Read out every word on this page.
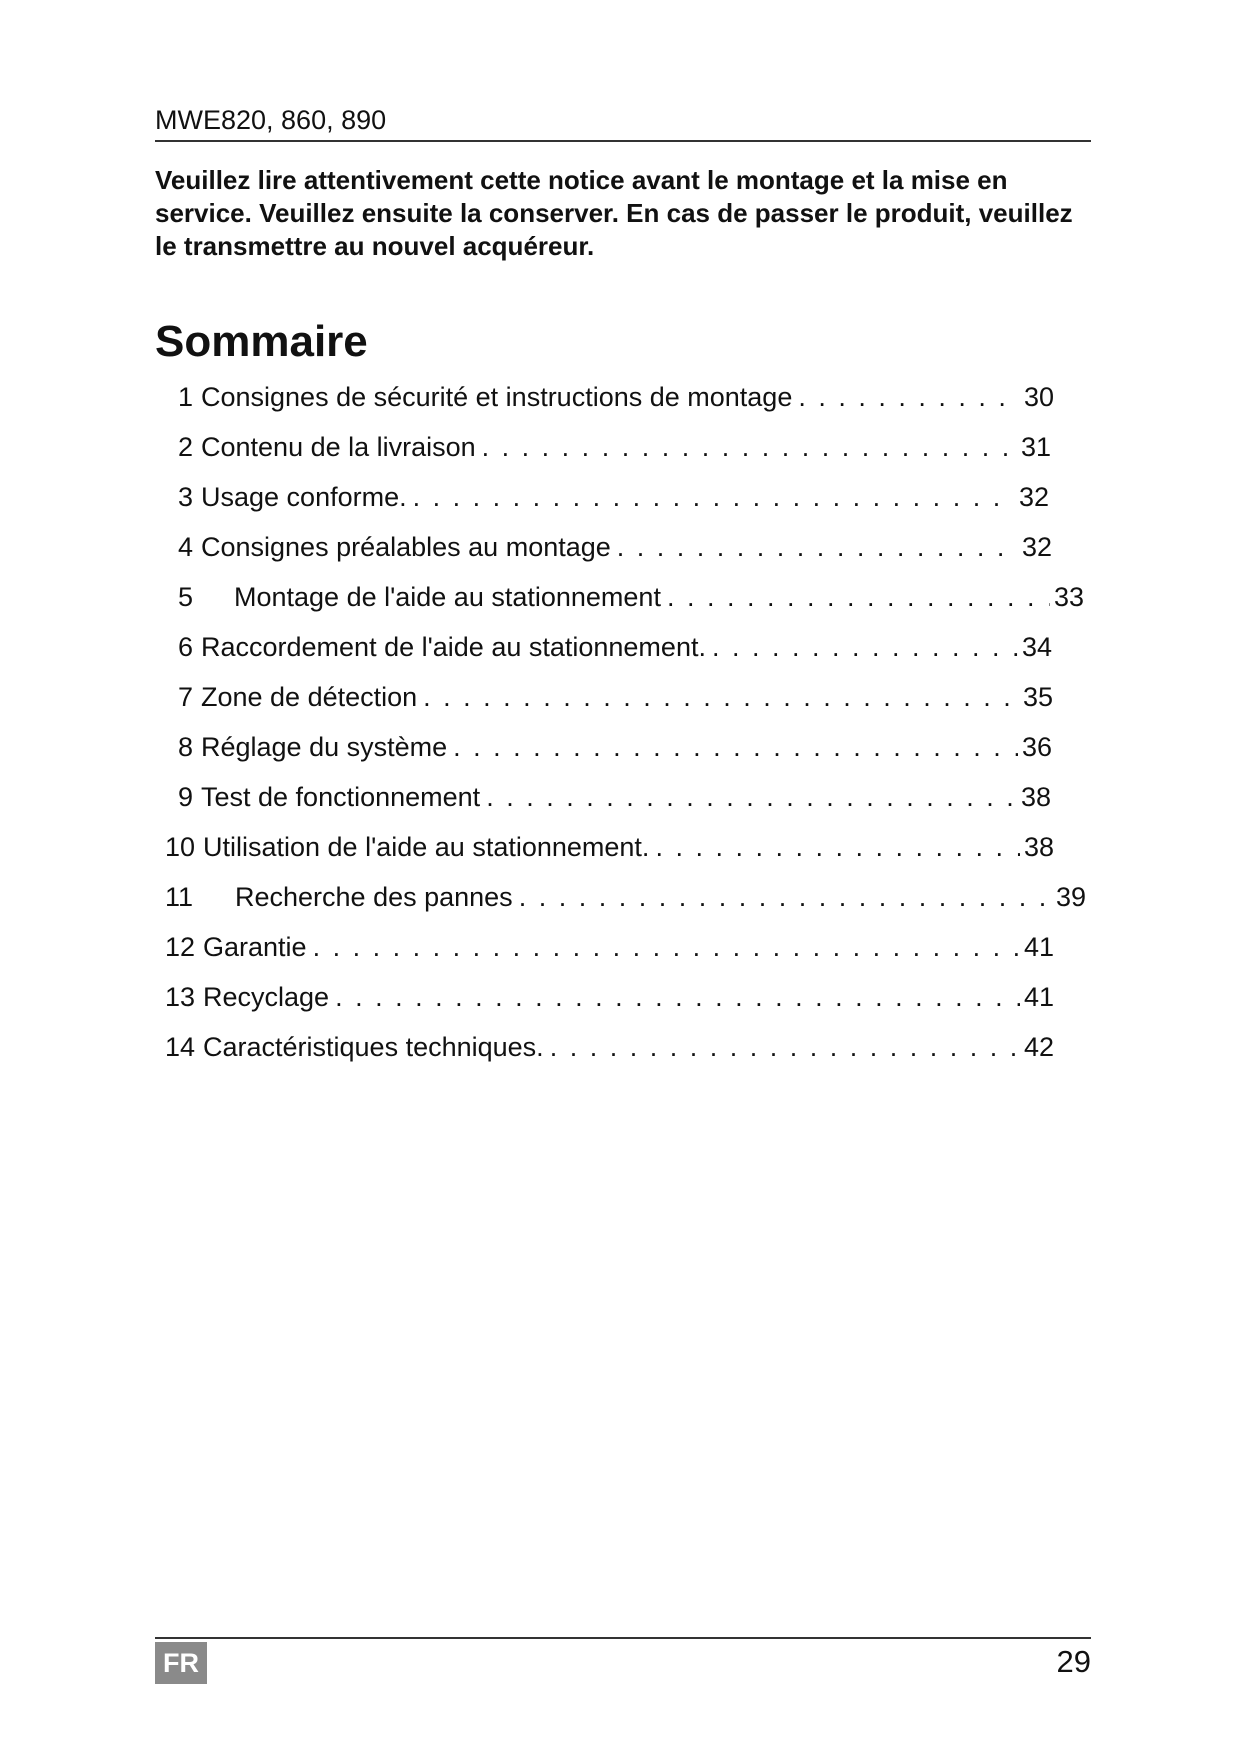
MWE820, 860, 890
Veuillez lire attentivement cette notice avant le montage et la mise en service. Veuillez ensuite la conserver. En cas de passer le produit, veuillez le transmettre au nouvel acquéreur.
Sommaire
1 Consignes de sécurité et instructions de montage . . .	30
2 Contenu de la livraison . . .	31
3 Usage conforme. . . .	32
4 Consignes préalables au montage . . .	32
5	Montage de l'aide au stationnement . . .	33
6 Raccordement de l'aide au stationnement. . . .	34
7 Zone de détection . . .	35
8 Réglage du système . . .	36
9 Test de fonctionnement . . .	38
10 Utilisation de l'aide au stationnement. . . .	38
11	Recherche des pannes . . .	39
12 Garantie . . .	41
13 Recyclage . . .	41
14 Caractéristiques techniques. . . .	42
FR	29
